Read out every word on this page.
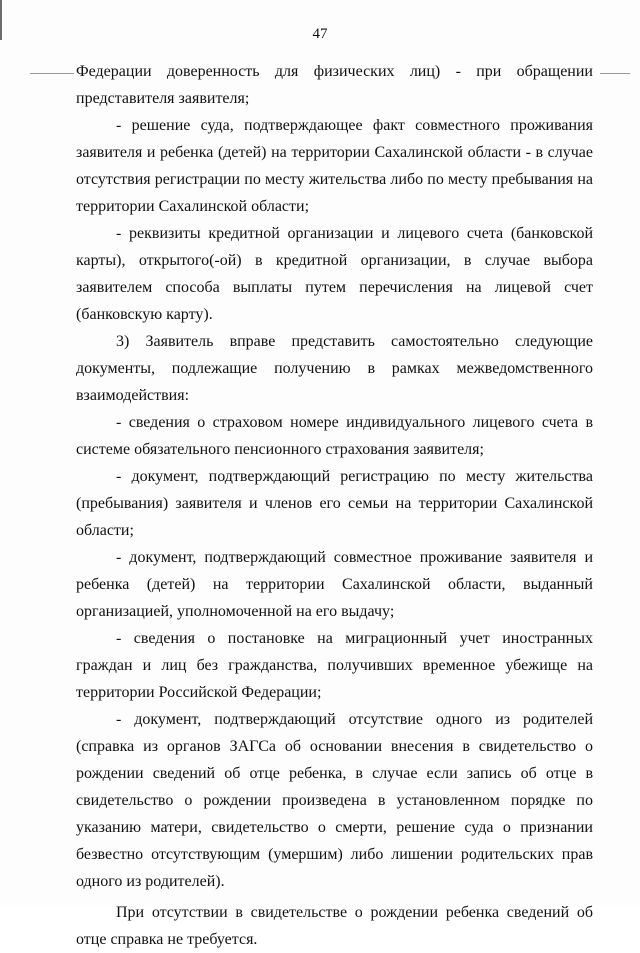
47

Федерации доверенность для физических лиц) - при обращении представителя заявителя;

- решение суда, подтверждающее факт совместного проживания заявителя и ребенка (детей) на территории Сахалинской области - в случае отсутствия регистрации по месту жительства либо по месту пребывания на территории Сахалинской области;

- реквизиты кредитной организации и лицевого счета (банковской карты), открытого(-ой) в кредитной организации, в случае выбора заявителем способа выплаты путем перечисления на лицевой счет (банковскую карту).

3) Заявитель вправе представить самостоятельно следующие документы, подлежащие получению в рамках межведомственного взаимодействия:

- сведения о страховом номере индивидуального лицевого счета в системе обязательного пенсионного страхования заявителя;

- документ, подтверждающий регистрацию по месту жительства (пребывания) заявителя и членов его семьи на территории Сахалинской области;

- документ, подтверждающий совместное проживание заявителя и ребенка (детей) на территории Сахалинской области, выданный организацией, уполномоченной на его выдачу;

- сведения о постановке на миграционный учет иностранных граждан и лиц без гражданства, получивших временное убежище на территории Российской Федерации;

- документ, подтверждающий отсутствие одного из родителей (справка из органов ЗАГСа об основании внесения в свидетельство о рождении сведений об отце ребенка, в случае если запись об отце в свидетельство о рождении произведена в установленном порядке по указанию матери, свидетельство о смерти, решение суда о признании безвестно отсутствующим (умершим) либо лишении родительских прав одного из родителей).

При отсутствии в свидетельстве о рождении ребенка сведений об отце справка не требуется.
